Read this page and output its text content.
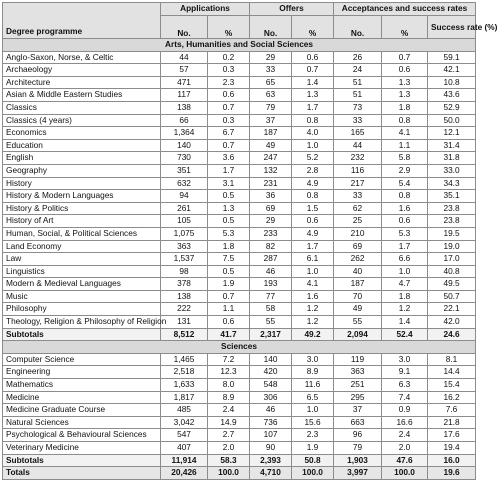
Degree programme	Applications		Offers		Acceptances and success rates		
	No.	%	No.	%	No.	%	Success rate (%)
Arts, Humanities and Social Sciences							
Anglo-Saxon, Norse, & Celtic	44	0.2	29	0.6	26	0.7	59.1
Archaeology	57	0.3	33	0.7	24	0.6	42.1
Architecture	471	2.3	65	1.4	51	1.3	10.8
Asian & Middle Eastern Studies	117	0.6	63	1.3	51	1.3	43.6
Classics	138	0.7	79	1.7	73	1.8	52.9
Classics (4 years)	66	0.3	37	0.8	33	0.8	50.0
Economics	1,364	6.7	187	4.0	165	4.1	12.1
Education	140	0.7	49	1.0	44	1.1	31.4
English	730	3.6	247	5.2	232	5.8	31.8
Geography	351	1.7	132	2.8	116	2.9	33.0
History	632	3.1	231	4.9	217	5.4	34.3
History & Modern Languages	94	0.5	36	0.8	33	0.8	35.1
History & Politics	261	1.3	69	1.5	62	1.6	23.8
History of Art	105	0.5	29	0.6	25	0.6	23.8
Human, Social, & Political Sciences	1,075	5.3	233	4.9	210	5.3	19.5
Land Economy	363	1.8	82	1.7	69	1.7	19.0
Law	1,537	7.5	287	6.1	262	6.6	17.0
Linguistics	98	0.5	46	1.0	40	1.0	40.8
Modern & Medieval Languages	378	1.9	193	4.1	187	4.7	49.5
Music	138	0.7	77	1.6	70	1.8	50.7
Philosophy	222	1.1	58	1.2	49	1.2	22.1
Theology, Religion & Philosophy of Religion	131	0.6	55	1.2	55	1.4	42.0
Subtotals	8,512	41.7	2,317	49.2	2,094	52.4	24.6
Sciences							
Computer Science	1,465	7.2	140	3.0	119	3.0	8.1
Engineering	2,518	12.3	420	8.9	363	9.1	14.4
Mathematics	1,633	8.0	548	11.6	251	6.3	15.4
Medicine	1,817	8.9	306	6.5	295	7.4	16.2
Medicine Graduate Course	485	2.4	46	1.0	37	0.9	7.6
Natural Sciences	3,042	14.9	736	15.6	663	16.6	21.8
Psychological & Behavioural Sciences	547	2.7	107	2.3	96	2.4	17.6
Veterinary Medicine	407	2.0	90	1.9	79	2.0	19.4
Subtotals	11,914	58.3	2,393	50.8	1,903	47.6	16.0
Totals	20,426	100.0	4,710	100.0	3,997	100.0	19.6
